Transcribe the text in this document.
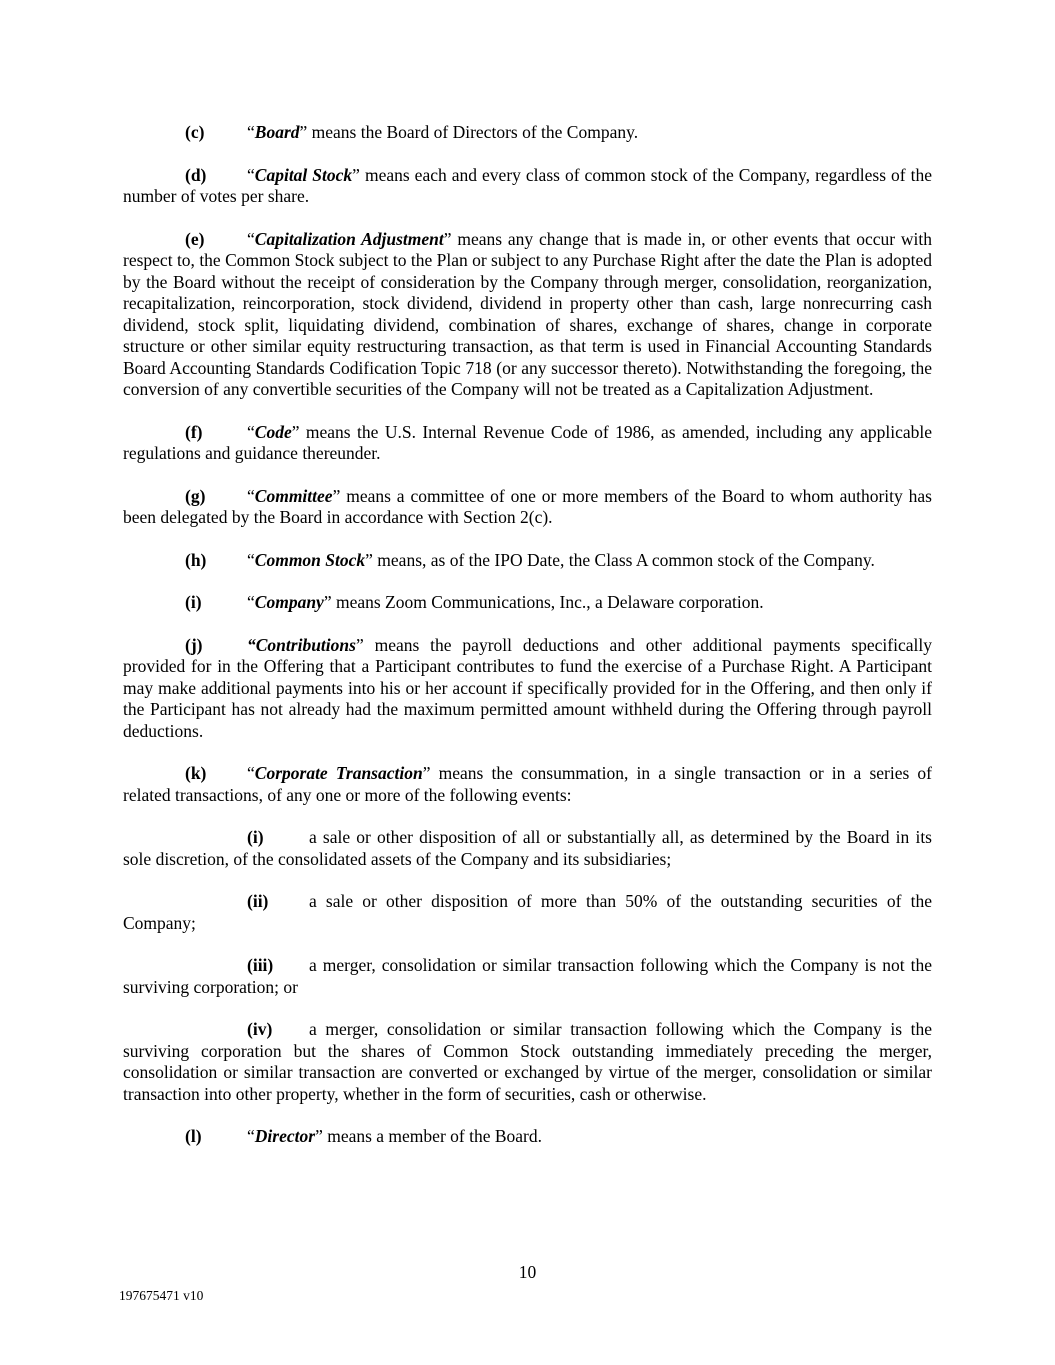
(c) “Board” means the Board of Directors of the Company.

(d) “Capital Stock” means each and every class of common stock of the Company, regardless of the number of votes per share.

(e) “Capitalization Adjustment” means any change that is made in, or other events that occur with respect to, the Common Stock subject to the Plan or subject to any Purchase Right after the date the Plan is adopted by the Board without the receipt of consideration by the Company through merger, consolidation, reorganization, recapitalization, reincorporation, stock dividend, dividend in property other than cash, large nonrecurring cash dividend, stock split, liquidating dividend, combination of shares, exchange of shares, change in corporate structure or other similar equity restructuring transaction, as that term is used in Financial Accounting Standards Board Accounting Standards Codification Topic 718 (or any successor thereto). Notwithstanding the foregoing, the conversion of any convertible securities of the Company will not be treated as a Capitalization Adjustment.

(f)	“Code” means the U.S. Internal Revenue Code of 1986, as amended, including any applicable regulations and guidance thereunder.

(g) “Committee” means a committee of one or more members of the Board to whom authority has been delegated by the Board in accordance with Section 2(c).

(h) “Common Stock” means, as of the IPO Date, the Class A common stock of the Company.

(i)	“Company” means Zoom Communications, Inc., a Delaware corporation.

(j)	“Contributions” means the payroll deductions and other additional payments specifically provided for in the Offering that a Participant contributes to fund the exercise of a Purchase Right. A Participant may make additional payments into his or her account if specifically provided for in the Offering, and then only if the Participant has not already had the maximum permitted amount withheld during the Offering through payroll deductions.

(k) “Corporate Transaction” means the consummation, in a single transaction or in a series of related transactions, of any one or more of the following events:

(i)	a sale or other disposition of all or substantially all, as determined by the Board in its sole discretion, of the consolidated assets of the Company and its subsidiaries;

(ii) a sale or other disposition of more than 50% of the outstanding securities of the Company;

(iii) a merger, consolidation or similar transaction following which the Company is not the surviving corporation; or

(iv) a merger, consolidation or similar transaction following which the Company is the surviving corporation but the shares of Common Stock outstanding immediately preceding the merger, consolidation or similar transaction are converted or exchanged by virtue of the merger, consolidation or similar transaction into other property, whether in the form of securities, cash or otherwise.

(l)	“Director” means a member of the Board.

10
197675471 v10
